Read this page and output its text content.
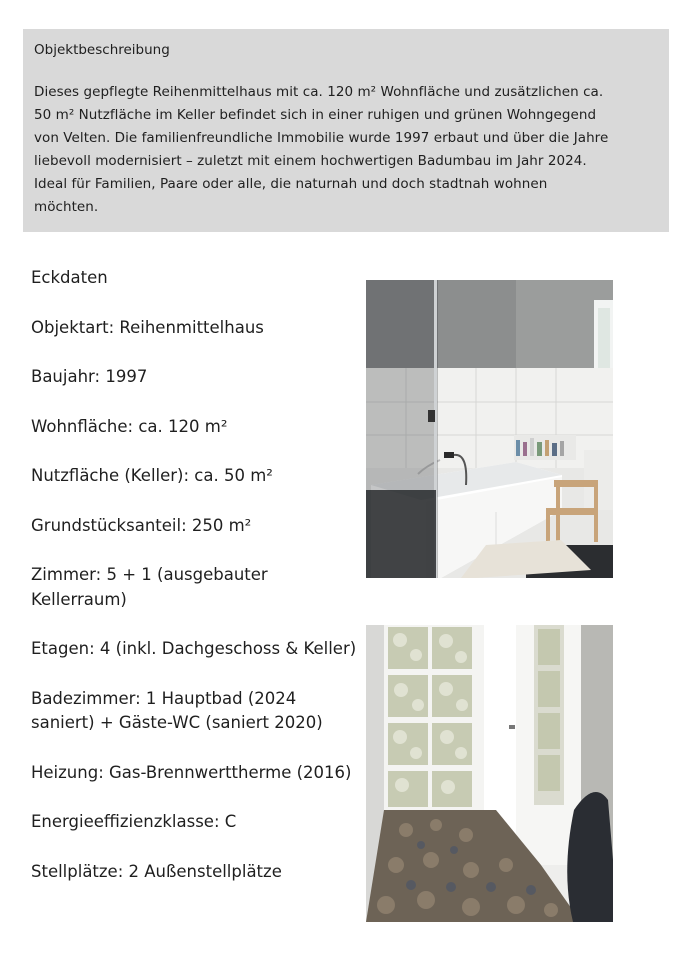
Objektbeschreibung

Dieses gepflegte Reihenmittelhaus mit ca. 120 m² Wohnfläche und zusätzlichen ca.
50 m² Nutzfläche im Keller befindet sich in einer ruhigen und grünen Wohngegend
von Velten. Die familienfreundliche Immobilie wurde 1997 erbaut und über die Jahre
liebevoll modernisiert – zuletzt mit einem hochwertigen Badumbau im Jahr 2024.
Ideal für Familien, Paare oder alle, die naturnah und doch stadtnah wohnen
möchten.

Eckdaten

Objektart: Reihenmittelhaus

Baujahr: 1997

Wohnfläche: ca. 120 m²

Nutzfläche (Keller): ca. 50 m²

Grundstücksanteil: 250 m²

Zimmer: 5 + 1 (ausgebauter Kellerraum)

Etagen: 4 (inkl. Dachgeschoss & Keller)

Badezimmer: 1 Hauptbad (2024 saniert) + Gäste-WC (saniert 2020)

Heizung: Gas-Brennwerttherme (2016)

Energieeffizienzklasse: C

Stellplätze: 2 Außenstellplätze
